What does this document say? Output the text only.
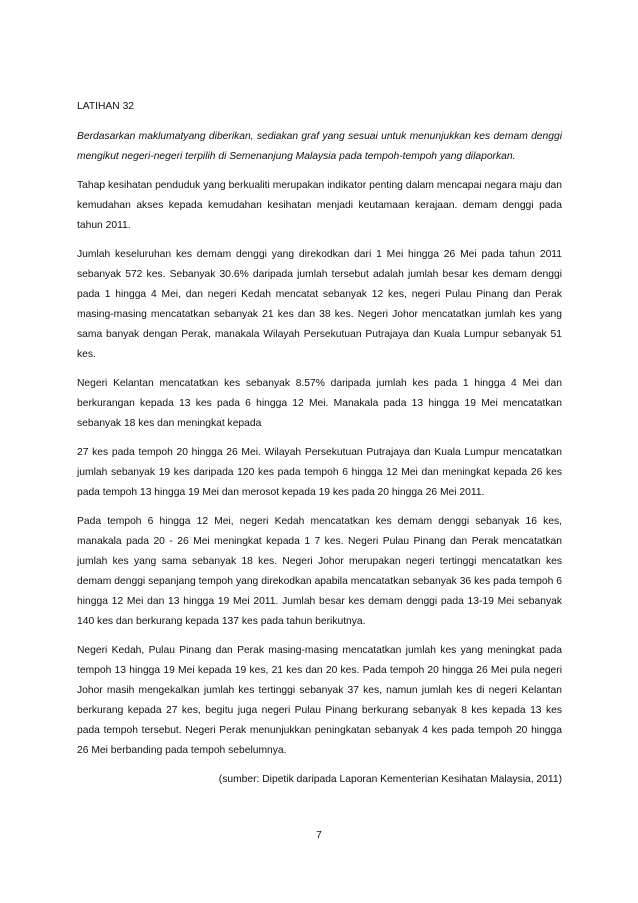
LATIHAN 32

Berdasarkan maklumatyang diberikan, sediakan graf yang sesuai untuk menunjukkan kes demam denggi mengikut negeri-negeri terpilih di Semenanjung Malaysia pada tempoh-tempoh yang dilaporkan.

Tahap kesihatan penduduk yang berkualiti merupakan indikator penting dalam mencapai negara maju dan kemudahan akses kepada kemudahan kesihatan menjadi keutamaan kerajaan. demam denggi pada tahun 2011.

Jumlah keseluruhan kes demam denggi yang direkodkan dari 1 Mei hingga 26 Mei pada tahun 2011 sebanyak 572 kes. Sebanyak 30.6% daripada jumlah tersebut adalah jumlah besar kes demam denggi pada 1 hingga 4 Mei, dan negeri Kedah mencatat sebanyak 12 kes, negeri Pulau Pinang dan Perak masing-masing mencatatkan sebanyak 21 kes dan 38 kes. Negeri Johor mencatatkan jumlah kes yang sama banyak dengan Perak, manakala Wilayah Persekutuan Putrajaya dan Kuala Lumpur sebanyak 51 kes.

Negeri Kelantan mencatatkan kes sebanyak 8.57% daripada jumlah kes pada 1 hingga 4 Mei dan berkurangan kepada 13 kes pada 6 hingga 12 Mei. Manakala pada 13 hingga 19 Mei mencatatkan sebanyak 18 kes dan meningkat kepada

27 kes pada tempoh 20 hingga 26 Mei. Wilayah Persekutuan Putrajaya dan Kuala Lumpur mencatatkan jumlah sebanyak 19 kes daripada 120 kes pada tempoh 6 hingga 12 Mei dan meningkat kepada 26 kes pada tempoh 13 hingga 19 Mei dan merosot kepada 19 kes pada 20 hingga 26 Mei 2011.

Pada tempoh 6 hingga 12 Mei, negeri Kedah mencatatkan kes demam denggi sebanyak 16 kes, manakala pada 20 - 26 Mei meningkat kepada 1 7 kes. Negeri Pulau Pinang dan Perak mencatatkan jumlah kes yang sama sebanyak 18 kes. Negeri Johor merupakan negeri tertinggi mencatatkan kes demam denggi sepanjang tempoh yang direkodkan apabila mencatatkan sebanyak 36 kes pada tempoh 6 hingga 12 Mei dan 13 hingga 19 Mei 2011. Jumlah besar kes demam denggi pada 13-19 Mei sebanyak 140 kes dan berkurang kepada 137 kes pada tahun berikutnya.

Negeri Kedah, Pulau Pinang dan Perak masing-masing mencatatkan jumlah kes yang meningkat pada tempoh 13 hingga 19 Mei kepada 19 kes, 21 kes dan 20 kes. Pada tempoh 20 hingga 26 Mei pula negeri Johor masih mengekalkan jumlah kes tertinggi sebanyak 37 kes, namun jumlah kes di negeri Kelantan berkurang kepada 27 kes, begitu juga negeri Pulau Pinang berkurang sebanyak 8 kes kepada 13 kes pada tempoh tersebut. Negeri Perak menunjukkan peningkatan sebanyak 4 kes pada tempoh 20 hingga 26 Mei berbanding pada tempoh sebelumnya.

(sumber: Dipetik daripada Laporan Kementerian Kesihatan Malaysia, 2011)

7
